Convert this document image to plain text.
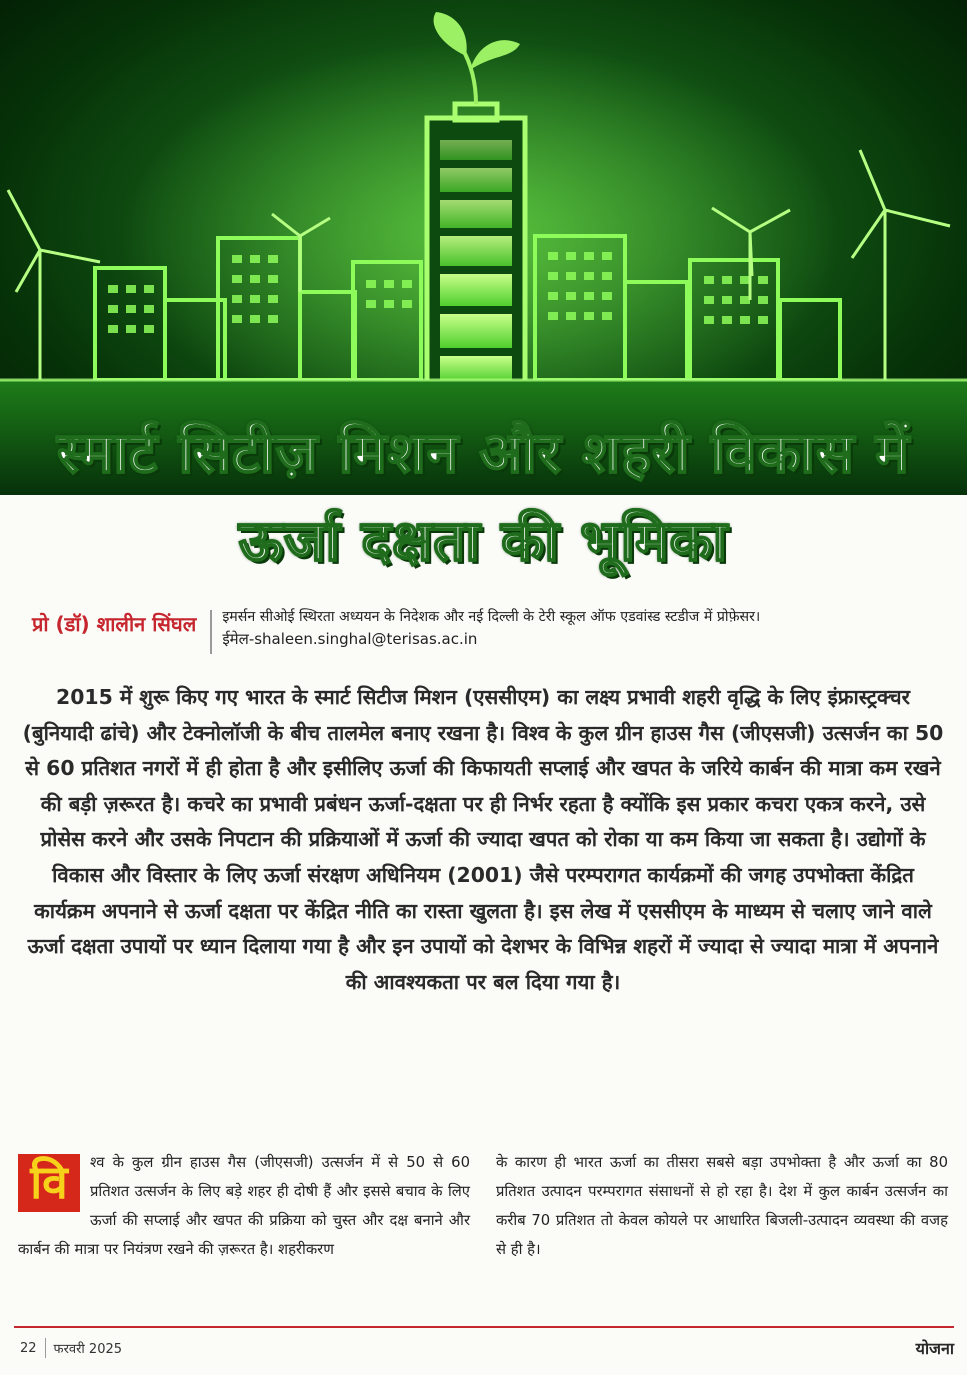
स्मार्ट सिटीज़ मिशन और शहरी विकास में
ऊर्जा दक्षता की भूमिका
प्रो (डॉ) शालीन सिंघल इमर्सन सीओई स्थिरता अध्ययन के निदेशक और नई दिल्ली के टेरी स्कूल ऑफ एडवांस्ड स्टडीज में प्रोफ़ेसर।
ईमेल-shaleen.singhal@terisas.ac.in

2015 में शुरू किए गए भारत के स्मार्ट सिटीज मिशन (एससीएम) का लक्ष्य प्रभावी शहरी वृद्धि के लिए इंफ्रास्ट्रक्चर (बुनियादी ढांचे) और टेक्नोलॉजी के बीच तालमेल बनाए रखना है। विश्व के कुल ग्रीन हाउस गैस (जीएसजी) उत्सर्जन का 50 से 60 प्रतिशत नगरों में ही होता है और इसीलिए ऊर्जा की किफायती सप्लाई और खपत के जरिये कार्बन की मात्रा कम रखने की बड़ी ज़रूरत है। कचरे का प्रभावी प्रबंधन ऊर्जा-दक्षता पर ही निर्भर रहता है क्योंकि इस प्रकार कचरा एकत्र करने, उसे प्रोसेस करने और उसके निपटान की प्रक्रियाओं में ऊर्जा की ज्यादा खपत को रोका या कम किया जा सकता है। उद्योगों के विकास और विस्तार के लिए ऊर्जा संरक्षण अधिनियम (2001) जैसे परम्परागत कार्यक्रमों की जगह उपभोक्ता केंद्रित कार्यक्रम अपनाने से ऊर्जा दक्षता पर केंद्रित नीति का रास्ता खुलता है। इस लेख में एससीएम के माध्यम से चलाए जाने वाले ऊर्जा दक्षता उपायों पर ध्यान दिलाया गया है और इन उपायों को देशभर के विभिन्न शहरों में ज्यादा से ज्यादा मात्रा में अपनाने की आवश्यकता पर बल दिया गया है।

वि	श्व के कुल ग्रीन हाउस गैस (जीएसजी) उत्सर्जन में से 50 से 60 प्रतिशत उत्सर्जन के लिए बड़े शहर ही दोषी हैं और इससे बचाव के लिए ऊर्जा की सप्लाई और खपत की प्रक्रिया को चुस्त और दक्ष बनाने और कार्बन की मात्रा पर नियंत्रण रखने की ज़रूरत है। शहरीकरण
के कारण ही भारत ऊर्जा का तीसरा सबसे बड़ा उपभोक्ता है और ऊर्जा का 80 प्रतिशत उत्पादन परम्परागत संसाधनों से हो रहा है। देश में कुल कार्बन उत्सर्जन का करीब 70 प्रतिशत तो केवल कोयले पर आधारित बिजली-उत्पादन व्यवस्था की वजह से ही है।
22	फरवरी 2025	योजना
